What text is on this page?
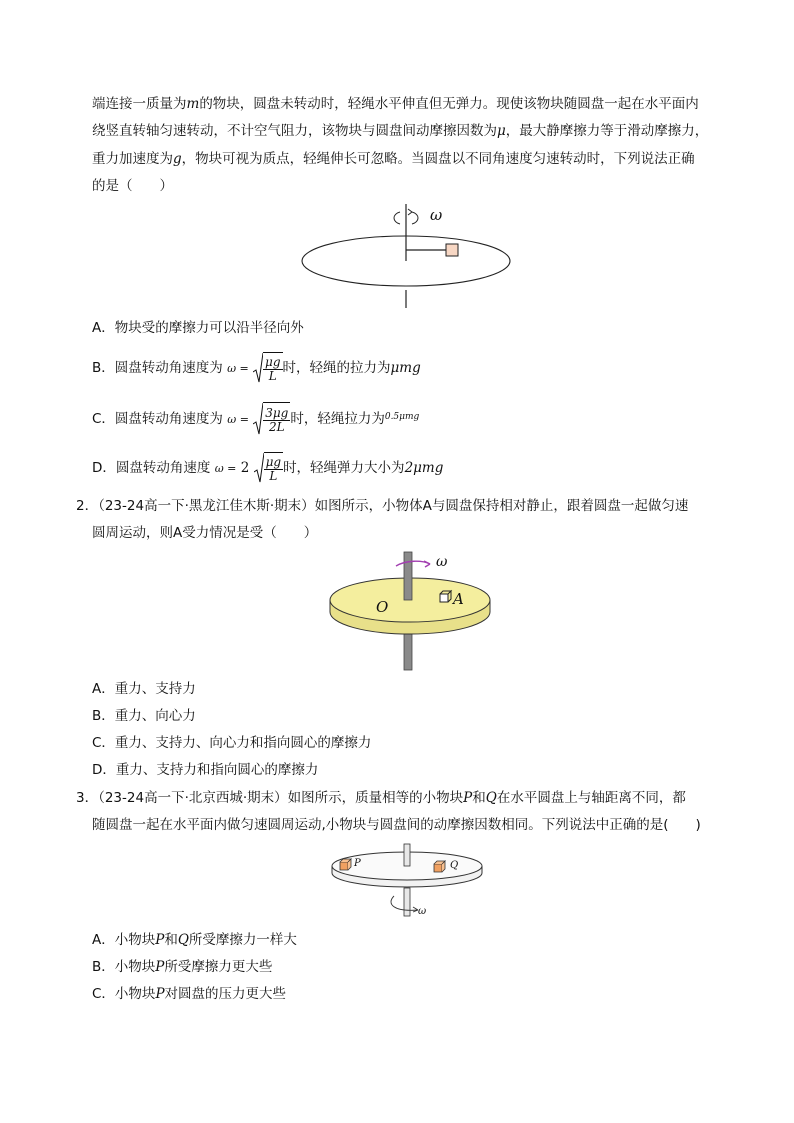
端连接一质量为m的物块，圆盘未转动时，轻绳水平伸直但无弹力。现使该物块随圆盘一起在水平面内
绕竖直转轴匀速转动，不计空气阻力，该物块与圆盘间动摩擦因数为μ，最大静摩擦力等于滑动摩擦力，
重力加速度为g，物块可视为质点，轻绳伸长可忽略。当圆盘以不同角速度匀速转动时，下列说法正确
的是（　　）
ω
A．物块受的摩擦力可以沿半径向外
B．圆盘转动角速度为 $\omega = \frac{\mu g}{L}$ 时，轻绳的拉力为μmg
C．圆盘转动角速度为 $\omega = \frac{3\mu g}{2L}$ 时，轻绳拉力为$^{0.5\mu mg}$
D．圆盘转动角速度 $\omega = 2 \frac{\mu g}{L}$ 时，轻绳弹力大小为2μmg
2．（23-24高一下·黑龙江佳木斯·期末）如图所示，小物体A与圆盘保持相对静止，跟着圆盘一起做匀速
圆周运动，则A受力情况是受（　　）
ω
O	A
A．重力、支持力
B．重力、向心力
C．重力、支持力、向心力和指向圆心的摩擦力
D．重力、支持力和指向圆心的摩擦力
3．（23-24高一下·北京西城·期末）如图所示，质量相等的小物块P和Q在水平圆盘上与轴距离不同，都
随圆盘一起在水平面内做匀速圆周运动,小物块与圆盘间的动摩擦因数相同。下列说法中正确的是(　　)
P	Q
ω
A．小物块P和Q所受摩擦力一样大
B．小物块P所受摩擦力更大些
C．小物块P对圆盘的压力更大些
